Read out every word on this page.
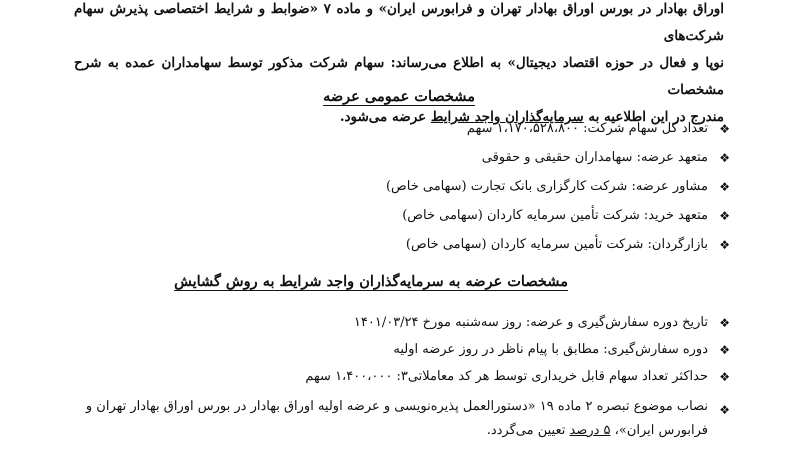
اوراق بهادار در بورس اوراق بهادار تهران و فرابورس ایران» و ماده ۷ «ضوابط و شرایط اختصاصی پذیرش سهام شرکت‌های

نوپا و فعال در حوزه اقتصاد دیجیتال» به اطلاع می‌رساند: سهام شرکت مذکور توسط سهامداران عمده به شرح مشخصات

مندرج در این اطلاعیه به سرمایه‌گذاران واجد شرایط عرضه می‌شود.

مشخصات عمومی عرضه
❖
تعداد کل سهام شرکت: ۱،۱۷۰،۵۲۸،۸۰۰ سهم
❖
متعهد عرضه: سهامداران حقیقی و حقوقی
❖
مشاور عرضه: شرکت کارگزاری بانک تجارت (سهامی خاص)
❖
متعهد خرید: شرکت تأمین سرمایه کاردان (سهامی خاص)
❖
بازارگردان: شرکت تأمین سرمایه کاردان (سهامی خاص)
مشخصات عرضه به سرمایه‌گذاران واجد شرایط به روش گشایش
❖
تاریخ دوره سفارش‌گیری و عرضه: روز سه‌شنبه مورخ ۱۴۰۱/۰۳/۲۴
❖
دوره سفارش‌گیری: مطابق با پیام ناظر در روز عرضه اولیه
❖
حداکثر تعداد سهام قابل خریداری توسط هر کد معاملاتی۳: ۱،۴۰۰،۰۰۰ سهم
❖
نصاب موضوع تبصره ۲ ماده ۱۹ «دستورالعمل پذیره‌نویسی و عرضه اولیه اوراق بهادار در بورس اوراق بهادار تهران و فرابورس ایران»، ۵ درصد تعیین می‌گردد.
